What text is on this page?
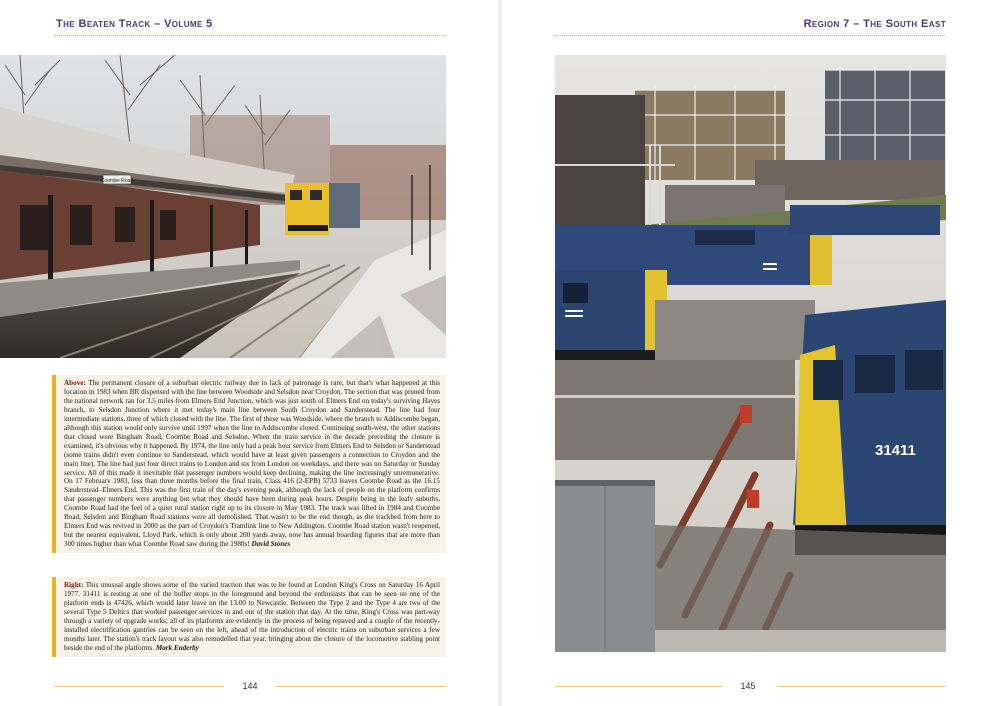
The Beaten Track – Volume 5
Coombe Road
Above: The permanent closure of a suburban electric railway due to lack of patronage is rare, but that's what happened at this location in 1983 when BR dispensed with the line between Woodside and Selsdon near Croydon. The section that was pruned from the national network ran for 3.5 miles from Elmers End Junction, which was just south of Elmers End on today's surviving Hayes branch, to Selsdon Junction where it met today's main line between South Croydon and Sanderstead. The line had four intermediate stations, three of which closed with the line. The first of these was Woodside, where the branch to Addiscombe began, although this station would only survive until 1997 when the line to Addiscombe closed. Continuing south-west, the other stations that closed were Bingham Road, Coombe Road and Selsdon. When the train service in the decade preceding the closure is examined, it's obvious why it happened. By 1974, the line only had a peak hour service from Elmers End to Selsdon or Sanderstead (some trains didn't even continue to Sanderstead, which would have at least given passengers a connection to Croydon and the main line). The line had just four direct trains to London and six from London on weekdays, and there was no Saturday or Sunday service. All of this made it inevitable that passenger numbers would keep declining, making the line increasingly unremunerative. On 17 February 1983, less than three months before the final train, Class 416 (2-EPB) 5733 leaves Coombe Road as the 16.15 Sanderstead–Elmers End. This was the first train of the day's evening peak, although the lack of people on the platform confirms that passenger numbers were anything but what they should have been during peak hours. Despite being in the leafy suburbs, Coombe Road had the feel of a quiet rural station right up to its closure in May 1983. The track was lifted in 1984 and Coombe Road, Selsdon and Bingham Road stations were all demolished. That wasn't to be the end though, as the trackbed from here to Elmers End was revived in 2000 as the part of Croydon's Tramlink line to New Addington. Coombe Road station wasn't reopened, but the nearest equivalent, Lloyd Park, which is only about 200 yards away, now has annual boarding figures that are more than 300 times higher than what Coombe Road saw during the 1980s! David Stones
Right: This unusual angle shows some of the varied traction that was to be found at London King's Cross on Saturday 16 April 1977. 31411 is resting at one of the buffer stops in the foreground and beyond the enthusiasts that can be seen on one of the platform ends is 47426, which would later leave on the 13.00 to Newcastle. Between the Type 2 and the Type 4 are two of the several Type 5 Deltics that worked passenger services in and out of the station that day. At the time, King's Cross was part-way through a variety of upgrade works; all of its platforms are evidently in the process of being repaved and a couple of the recently-installed electrification gantries can be seen on the left, ahead of the introduction of electric trains on suburban services a few months later. The station's track layout was also remodelled that year, bringing about the closure of the locomotive stabling point beside the end of the platforms. Mark Enderby
144
Region 7 – The South East
31411
145
